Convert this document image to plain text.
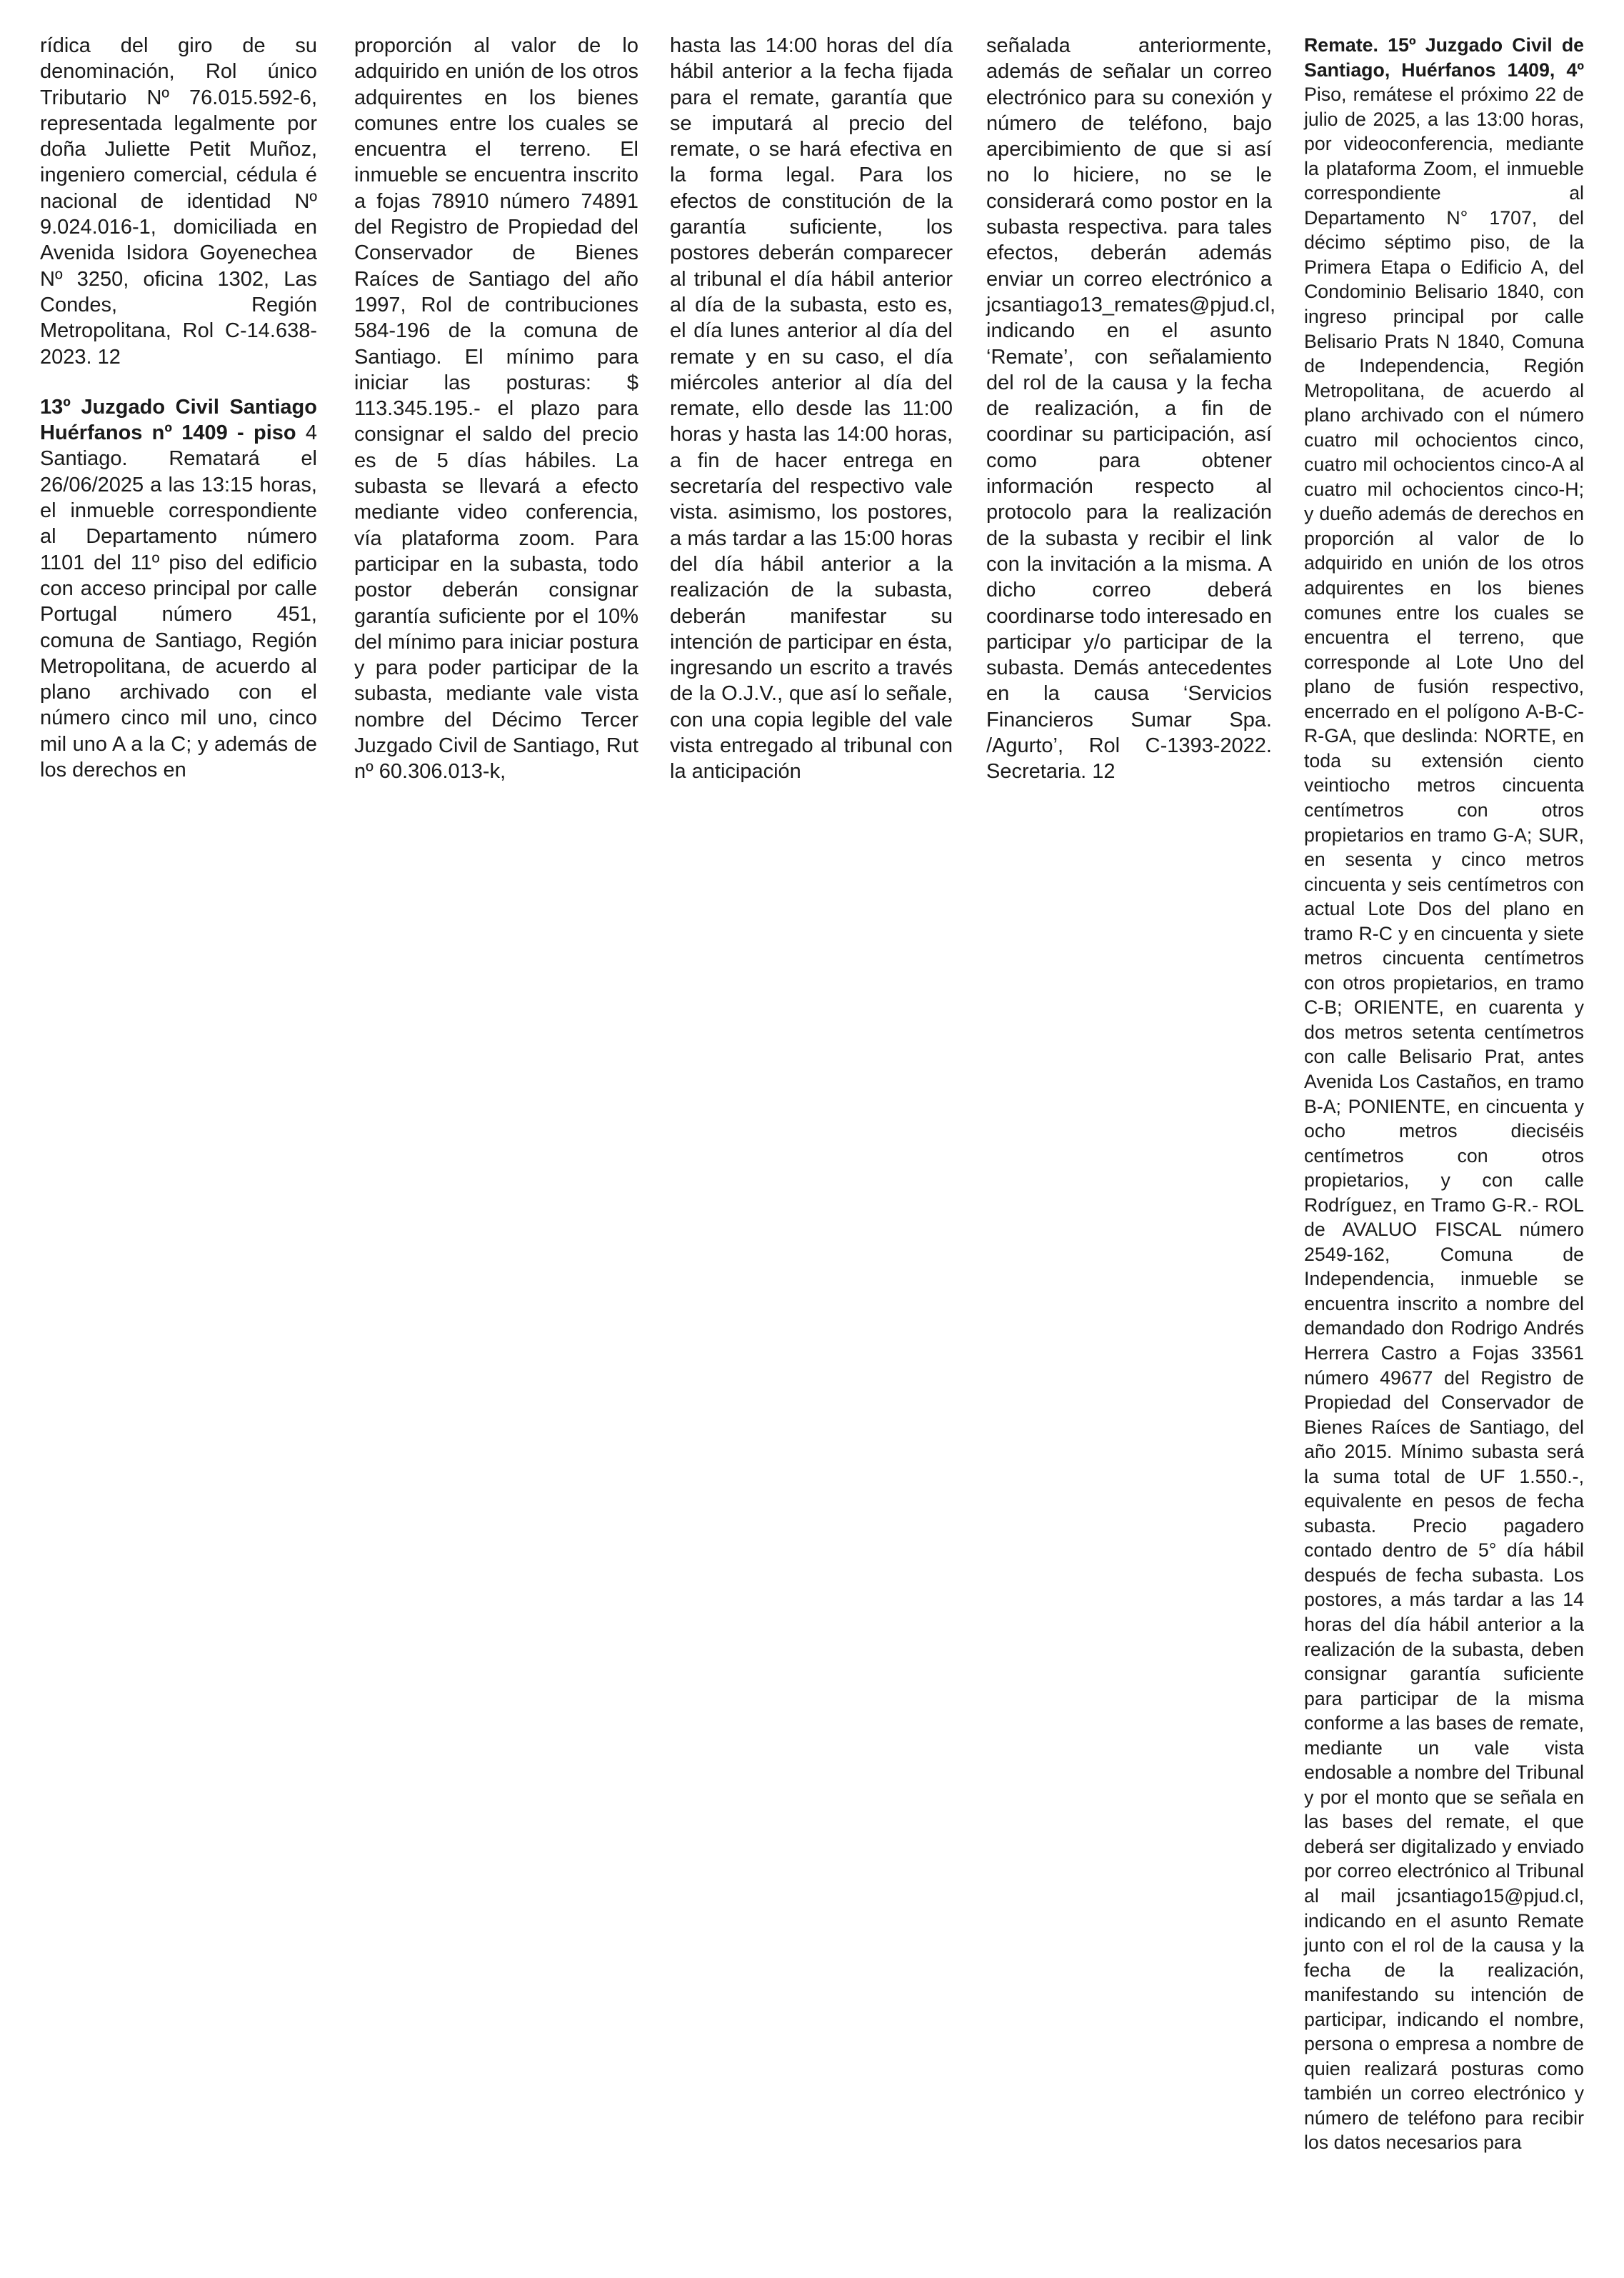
rídica del giro de su denominación, Rol único Tributario Nº 76.015.592-6, representada legalmente por doña Juliette Petit Muñoz, ingeniero comercial, cédula é nacional de identidad Nº 9.024.016-1, domiciliada en Avenida Isidora Goyenechea Nº 3250, oficina 1302, Las Condes, Región Metropolitana, Rol C-14.638-2023. 12

13º Juzgado Civil Santiago Huérfanos nº 1409 - piso 4 Santiago. Rematará el 26/06/2025 a las 13:15 horas, el inmueble correspondiente al Departamento número 1101 del 11º piso del edificio con acceso principal por calle Portugal número 451, comuna de Santiago, Región Metropolitana, de acuerdo al plano archivado con el número cinco mil uno, cinco mil uno A a la C; y además de los derechos en

proporción al valor de lo adquirido en unión de los otros adquirentes en los bienes comunes entre los cuales se encuentra el terreno. El inmueble se encuentra inscrito a fojas 78910 número 74891 del Registro de Propiedad del Conservador de Bienes Raíces de Santiago del año 1997, Rol de contribuciones 584-196 de la comuna de Santiago. El mínimo para iniciar las posturas: $ 113.345.195.- el plazo para consignar el saldo del precio es de 5 días hábiles. La subasta se llevará a efecto mediante video conferencia, vía plataforma zoom. Para participar en la subasta, todo postor deberán consignar garantía suficiente por el 10% del mínimo para iniciar postura y para poder participar de la subasta, mediante vale vista nombre del Décimo Tercer Juzgado Civil de Santiago, Rut nº 60.306.013-k,

hasta las 14:00 horas del día hábil anterior a la fecha fijada para el remate, garantía que se imputará al precio del remate, o se hará efectiva en la forma legal. Para los efectos de constitución de la garantía suficiente, los postores deberán comparecer al tribunal el día hábil anterior al día de la subasta, esto es, el día lunes anterior al día del remate y en su caso, el día miércoles anterior al día del remate, ello desde las 11:00 horas y hasta las 14:00 horas, a fin de hacer entrega en secretaría del respectivo vale vista. asimismo, los postores, a más tardar a las 15:00 horas del día hábil anterior a la realización de la subasta, deberán manifestar su intención de participar en ésta, ingresando un escrito a través de la O.J.V., que así lo señale, con una copia legible del vale vista entregado al tribunal con la anticipación

señalada anteriormente, además de señalar un correo electrónico para su conexión y número de teléfono, bajo apercibimiento de que si así no lo hiciere, no se le considerará como postor en la subasta respectiva. para tales efectos, deberán además enviar un correo electrónico a jcsantiago13_remates@pjud.cl, indicando en el asunto ‘Remate’, con señalamiento del rol de la causa y la fecha de realización, a fin de coordinar su participación, así como para obtener información respecto al protocolo para la realización de la subasta y recibir el link con la invitación a la misma. A dicho correo deberá coordinarse todo interesado en participar y/o participar de la subasta. Demás antecedentes en la causa ‘Servicios Financieros Sumar Spa. /Agurto’, Rol C-1393-2022. Secretaria. 12

Remate. 15º Juzgado Civil de Santiago, Huérfanos 1409, 4º Piso, remátese el próximo 22 de julio de 2025, a las 13:00 horas, por videoconferencia, mediante la plataforma Zoom, el inmueble correspondiente al Departamento N° 1707, del décimo séptimo piso, de la Primera Etapa o Edificio A, del Condominio Belisario 1840, con ingreso principal por calle Belisario Prats N 1840, Comuna de Independencia, Región Metropolitana, de acuerdo al plano archivado con el número cuatro mil ochocientos cinco, cuatro mil ochocientos cinco-A al cuatro mil ochocientos cinco-H; y dueño además de derechos en proporción al valor de lo adquirido en unión de los otros adquirentes en los bienes comunes entre los cuales se encuentra el terreno, que corresponde al Lote Uno del plano de fusión respectivo, encerrado en el polígono A-B-C-R-GA, que deslinda: NORTE, en toda su extensión ciento veintiocho metros cincuenta centímetros con otros propietarios en tramo G-A; SUR, en sesenta y cinco metros cincuenta y seis centímetros con actual Lote Dos del plano en tramo R-C y en cincuenta y siete metros cincuenta centímetros con otros propietarios, en tramo C-B; ORIENTE, en cuarenta y dos metros setenta centímetros con calle Belisario Prat, antes Avenida Los Castaños, en tramo B-A; PONIENTE, en cincuenta y ocho metros dieciséis centímetros con otros propietarios, y con calle Rodríguez, en Tramo G-R.- ROL de AVALUO FISCAL número 2549-162, Comuna de Independencia, inmueble se encuentra inscrito a nombre del demandado don Rodrigo Andrés Herrera Castro a Fojas 33561 número 49677 del Registro de Propiedad del Conservador de Bienes Raíces de Santiago, del año 2015. Mínimo subasta será la suma total de UF 1.550.-, equivalente en pesos de fecha subasta. Precio pagadero contado dentro de 5° día hábil después de fecha subasta. Los postores, a más tardar a las 14 horas del día hábil anterior a la realización de la subasta, deben consignar garantía suficiente para participar de la misma conforme a las bases de remate, mediante un vale vista endosable a nombre del Tribunal y por el monto que se señala en las bases del remate, el que deberá ser digitalizado y enviado por correo electrónico al Tribunal al mail jcsantiago15@pjud.cl, indicando en el asunto Remate junto con el rol de la causa y la fecha de la realización, manifestando su intención de participar, indicando el nombre, persona o empresa a nombre de quien realizará posturas como también un correo electrónico y número de teléfono para recibir los datos necesarios para
